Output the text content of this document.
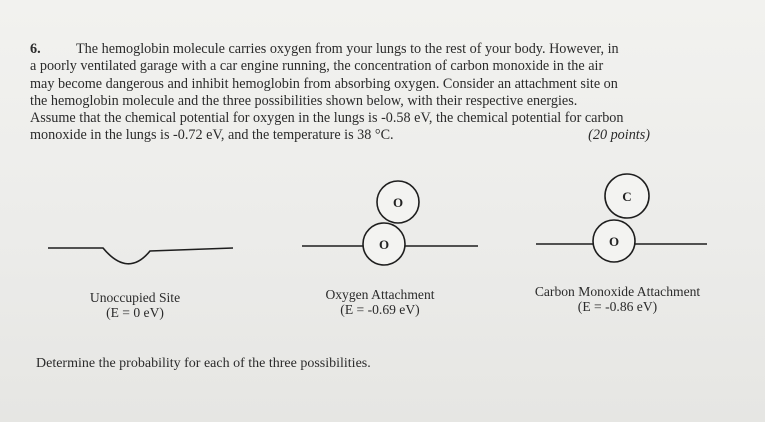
6. The hemoglobin molecule carries oxygen from your lungs to the rest of your body. However, in
a poorly ventilated garage with a car engine running, the concentration of carbon monoxide in the air
may become dangerous and inhibit hemoglobin from absorbing oxygen. Consider an attachment site on
the hemoglobin molecule and the three possibilities shown below, with their respective energies.
Assume that the chemical potential for oxygen in the lungs is -0.58 eV, the chemical potential for carbon
monoxide in the lungs is -0.72 eV, and the temperature is 38 °C.	(20 points)
O
O
C
O
Unoccupied Site
(E = 0 eV)
Oxygen Attachment
(E = -0.69 eV)
Carbon Monoxide Attachment
(E = -0.86 eV)
Determine the probability for each of the three possibilities.
